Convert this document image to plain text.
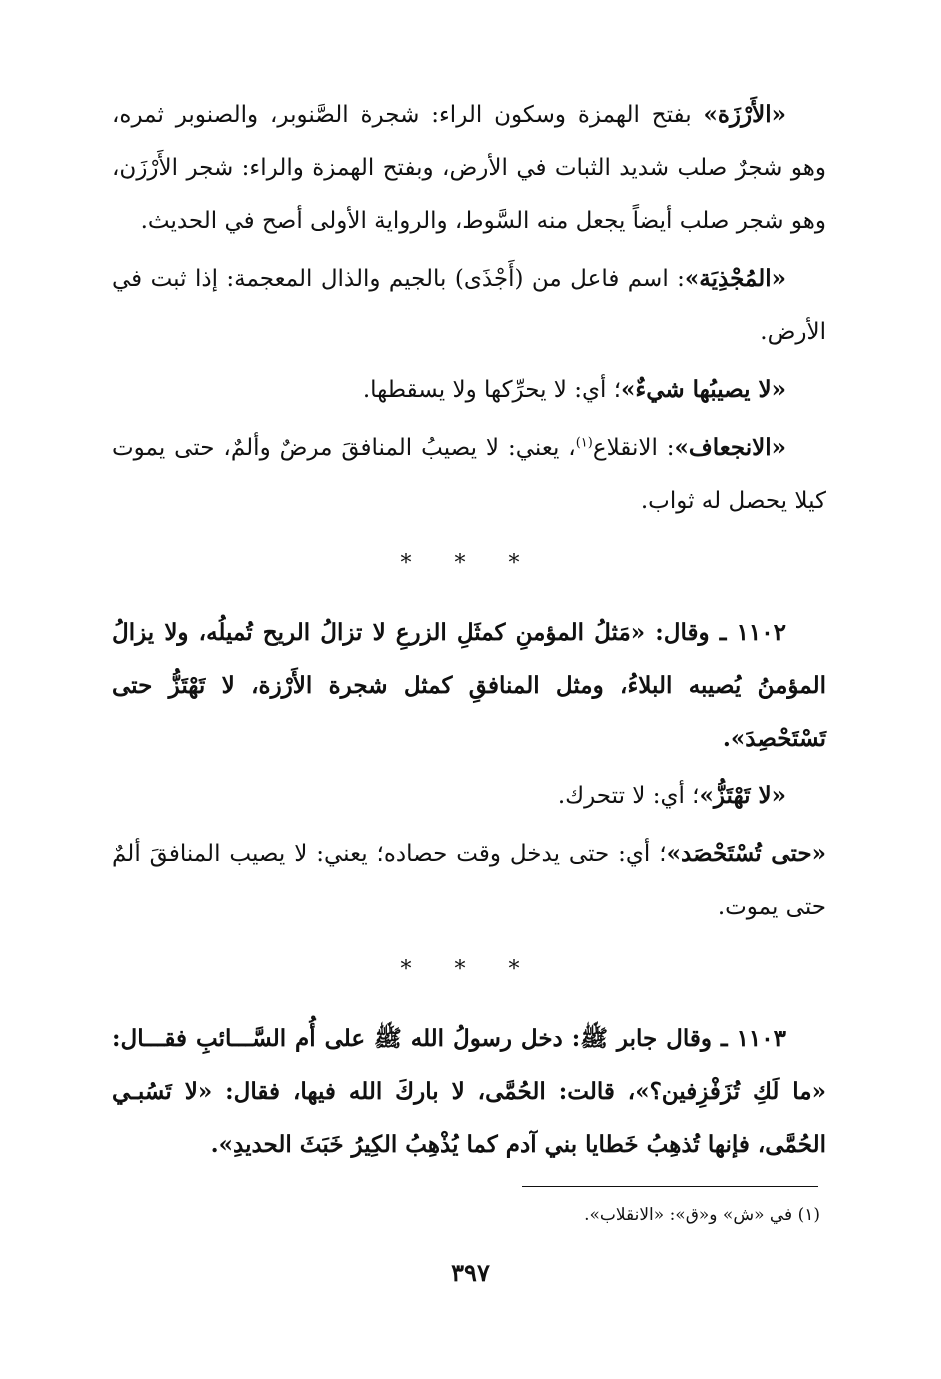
«الأَرْزَة» بفتح الهمزة وسكون الراء: شجرة الصَّنوبر، والصنوبر ثمره، وهو شجرٌ صلب شديد الثبات في الأرض، وبفتح الهمزة والراء: شجر الأَرْزَن، وهو شجر صلب أيضاً يجعل منه السَّوط، والرواية الأولى أصح في الحديث.

«المُجْذِيَة»: اسم فاعل من (أَجْذَى) بالجيم والذال المعجمة: إذا ثبت في الأرض.

«لا يصيبُها شيءٌ»؛ أي: لا يحرِّكها ولا يسقطها.

«الانجعاف»: الانقلاع$^{(١)}$، يعني: لا يصيبُ المنافقَ مرضٌ وألمٌ، حتى يموت كيلا يحصل له ثواب.

* * *

١١٠٢ ـ وقال: «مَثلُ المؤمنِ كمثَلِ الزرعِ لا تزالُ الريح تُميلُه، ولا يزالُ المؤمنُ يُصيبه البلاءُ، ومثل المنافقِ كمثل شجرة الأَرْزة، لا تَهْتَزُّ حتى تَسْتَحْصِدَ».

«لا تَهْتَزُّ»؛ أي: لا تتحرك.

«حتى تُسْتَحْصَد»؛ أي: حتى يدخل وقت حصاده؛ يعني: لا يصيب المنافقَ ألمٌ حتى يموت.

* * *

١١٠٣ ـ وقال جابر ﷺ: دخل رسولُ الله ﷺ على أُم السَّـــائبِ فقـــال: «ما لَكِ تُزَفْزِفين؟»، قالت: الحُمَّى، لا باركَ الله فيها، فقال: «لا تَسُبـي الحُمَّى، فإنها تُذهِبُ خَطايا بني آدم كما يُذْهِبُ الكِيرُ خَبَثَ الحديدِ».

(١) في «ش» و«ق»: «الانقلاب».
٣٩٧
